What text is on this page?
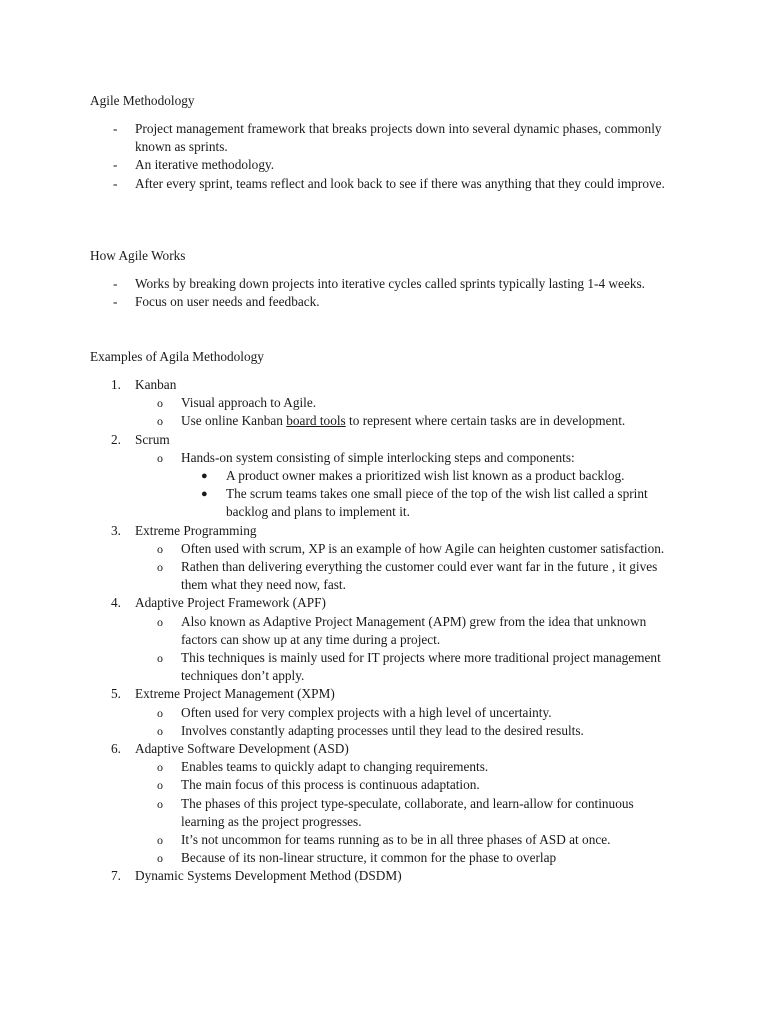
Agile Methodology

- Project management framework that breaks projects down into several dynamic phases, commonly known as sprints.
- An iterative methodology.
- After every sprint, teams reflect and look back to see if there was anything that they could improve.

How Agile Works

- Works by breaking down projects into iterative cycles called sprints typically lasting 1-4 weeks.
- Focus on user needs and feedback.

Examples of Agila Methodology

1. Kanban
o Visual approach to Agile.
o Use online Kanban board tools to represent where certain tasks are in development.
2. Scrum
o Hands-on system consisting of simple interlocking steps and components:
● A product owner makes a prioritized wish list known as a product backlog.
● The scrum teams takes one small piece of the top of the wish list called a sprint backlog and plans to implement it.
3. Extreme Programming
o Often used with scrum, XP is an example of how Agile can heighten customer satisfaction.
o Rathen than delivering everything the customer could ever want far in the future , it gives them what they need now, fast.
4. Adaptive Project Framework (APF)
o Also known as Adaptive Project Management (APM) grew from the idea that unknown factors can show up at any time during a project.
o This techniques is mainly used for IT projects where more traditional project management techniques don’t apply.
5. Extreme Project Management (XPM)
o Often used for very complex projects with a high level of uncertainty.
o Involves constantly adapting processes until they lead to the desired results.
6. Adaptive Software Development (ASD)
o Enables teams to quickly adapt to changing requirements.
o The main focus of this process is continuous adaptation.
o The phases of this project type-speculate, collaborate, and learn-allow for continuous learning as the project progresses.
o It’s not uncommon for teams running as to be in all three phases of ASD at once.
o Because of its non-linear structure, it common for the phase to overlap
7. Dynamic Systems Development Method (DSDM)
